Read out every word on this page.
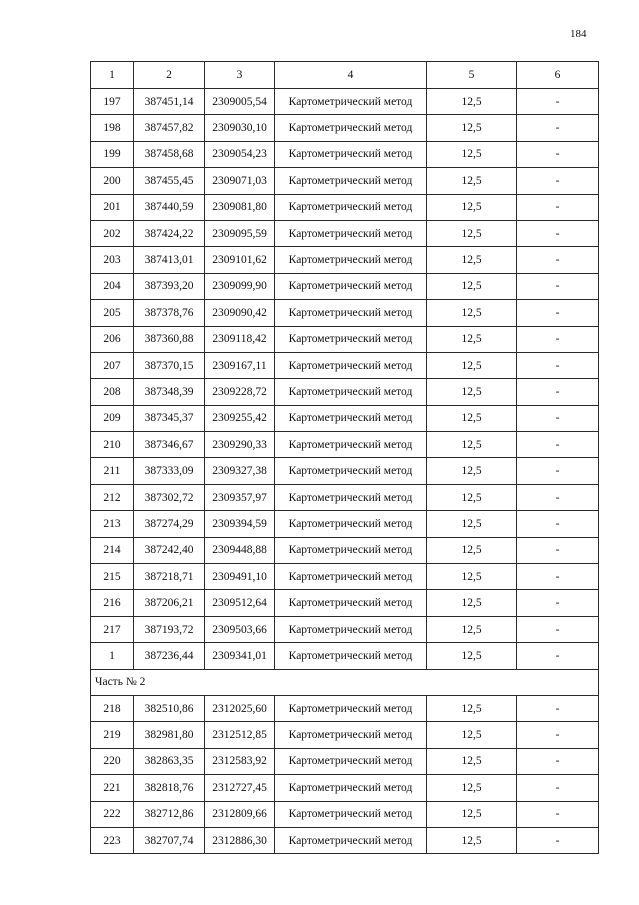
184
1	2	3	4	5	6
197	387451,14	2309005,54	Картометрический метод	12,5	-
198	387457,82	2309030,10	Картометрический метод	12,5	-
199	387458,68	2309054,23	Картометрический метод	12,5	-
200	387455,45	2309071,03	Картометрический метод	12,5	-
201	387440,59	2309081,80	Картометрический метод	12,5	-
202	387424,22	2309095,59	Картометрический метод	12,5	-
203	387413,01	2309101,62	Картометрический метод	12,5	-
204	387393,20	2309099,90	Картометрический метод	12,5	-
205	387378,76	2309090,42	Картометрический метод	12,5	-
206	387360,88	2309118,42	Картометрический метод	12,5	-
207	387370,15	2309167,11	Картометрический метод	12,5	-
208	387348,39	2309228,72	Картометрический метод	12,5	-
209	387345,37	2309255,42	Картометрический метод	12,5	-
210	387346,67	2309290,33	Картометрический метод	12,5	-
211	387333,09	2309327,38	Картометрический метод	12,5	-
212	387302,72	2309357,97	Картометрический метод	12,5	-
213	387274,29	2309394,59	Картометрический метод	12,5	-
214	387242,40	2309448,88	Картометрический метод	12,5	-
215	387218,71	2309491,10	Картометрический метод	12,5	-
216	387206,21	2309512,64	Картометрический метод	12,5	-
217	387193,72	2309503,66	Картометрический метод	12,5	-
1	387236,44	2309341,01	Картометрический метод	12,5	-
Часть № 2					
218	382510,86	2312025,60	Картометрический метод	12,5	-
219	382981,80	2312512,85	Картометрический метод	12,5	-
220	382863,35	2312583,92	Картометрический метод	12,5	-
221	382818,76	2312727,45	Картометрический метод	12,5	-
222	382712,86	2312809,66	Картометрический метод	12,5	-
223	382707,74	2312886,30	Картометрический метод	12,5	-
